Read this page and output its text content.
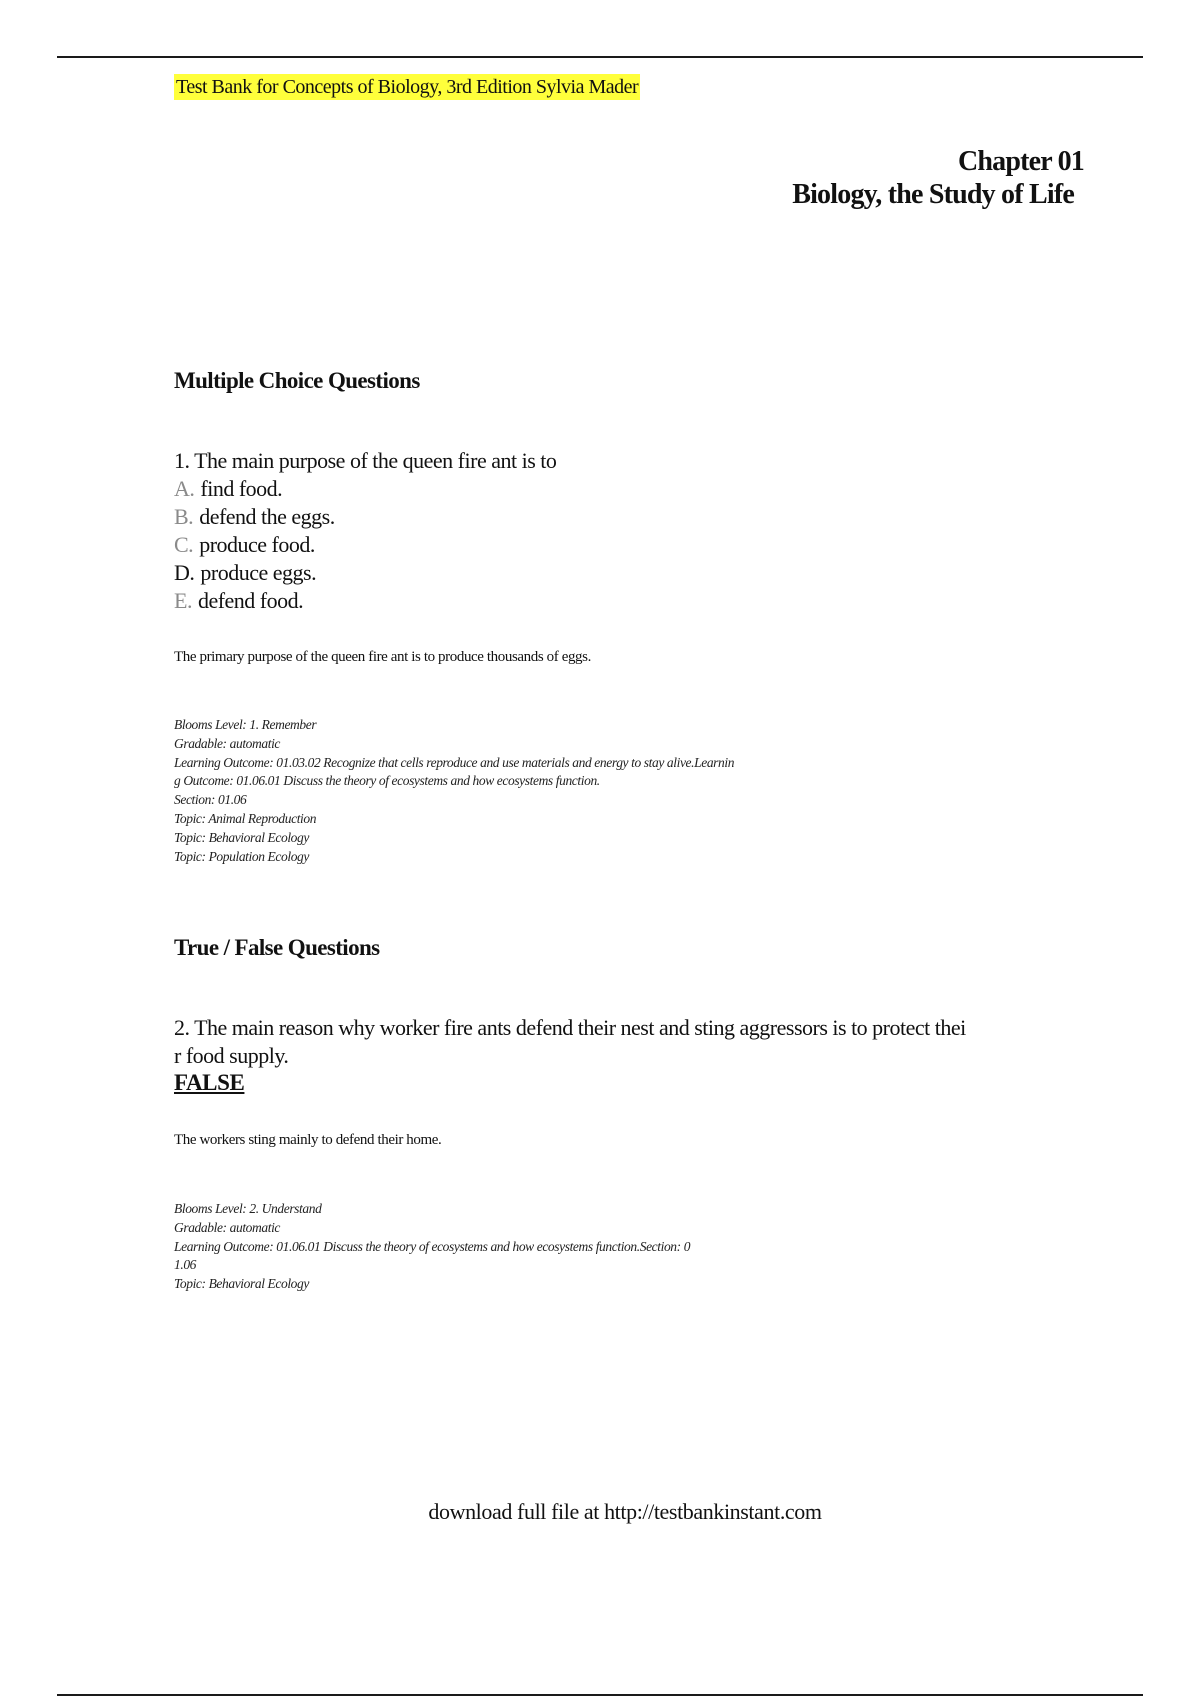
Test Bank for Concepts of Biology, 3rd Edition Sylvia Mader
Chapter 01
Biology, the Study of Life
Multiple Choice Questions
1. The main purpose of the queen fire ant is to
A. find food.
B. defend the eggs.
C. produce food.
D. produce eggs.
E. defend food.
The primary purpose of the queen fire ant is to produce thousands of eggs.
Blooms Level: 1. Remember
Gradable: automatic
Learning Outcome: 01.03.02 Recognize that cells reproduce and use materials and energy to stay alive.Learnin
g Outcome: 01.06.01 Discuss the theory of ecosystems and how ecosystems function.
Section: 01.06
Topic: Animal Reproduction
Topic: Behavioral Ecology
Topic: Population Ecology
True / False Questions
2. The main reason why worker fire ants defend their nest and sting aggressors is to protect thei
r food supply.
FALSE
The workers sting mainly to defend their home.
Blooms Level: 2. Understand
Gradable: automatic
Learning Outcome: 01.06.01 Discuss the theory of ecosystems and how ecosystems function.Section: 0
1.06
Topic: Behavioral Ecology
download full file at http://testbankinstant.com
